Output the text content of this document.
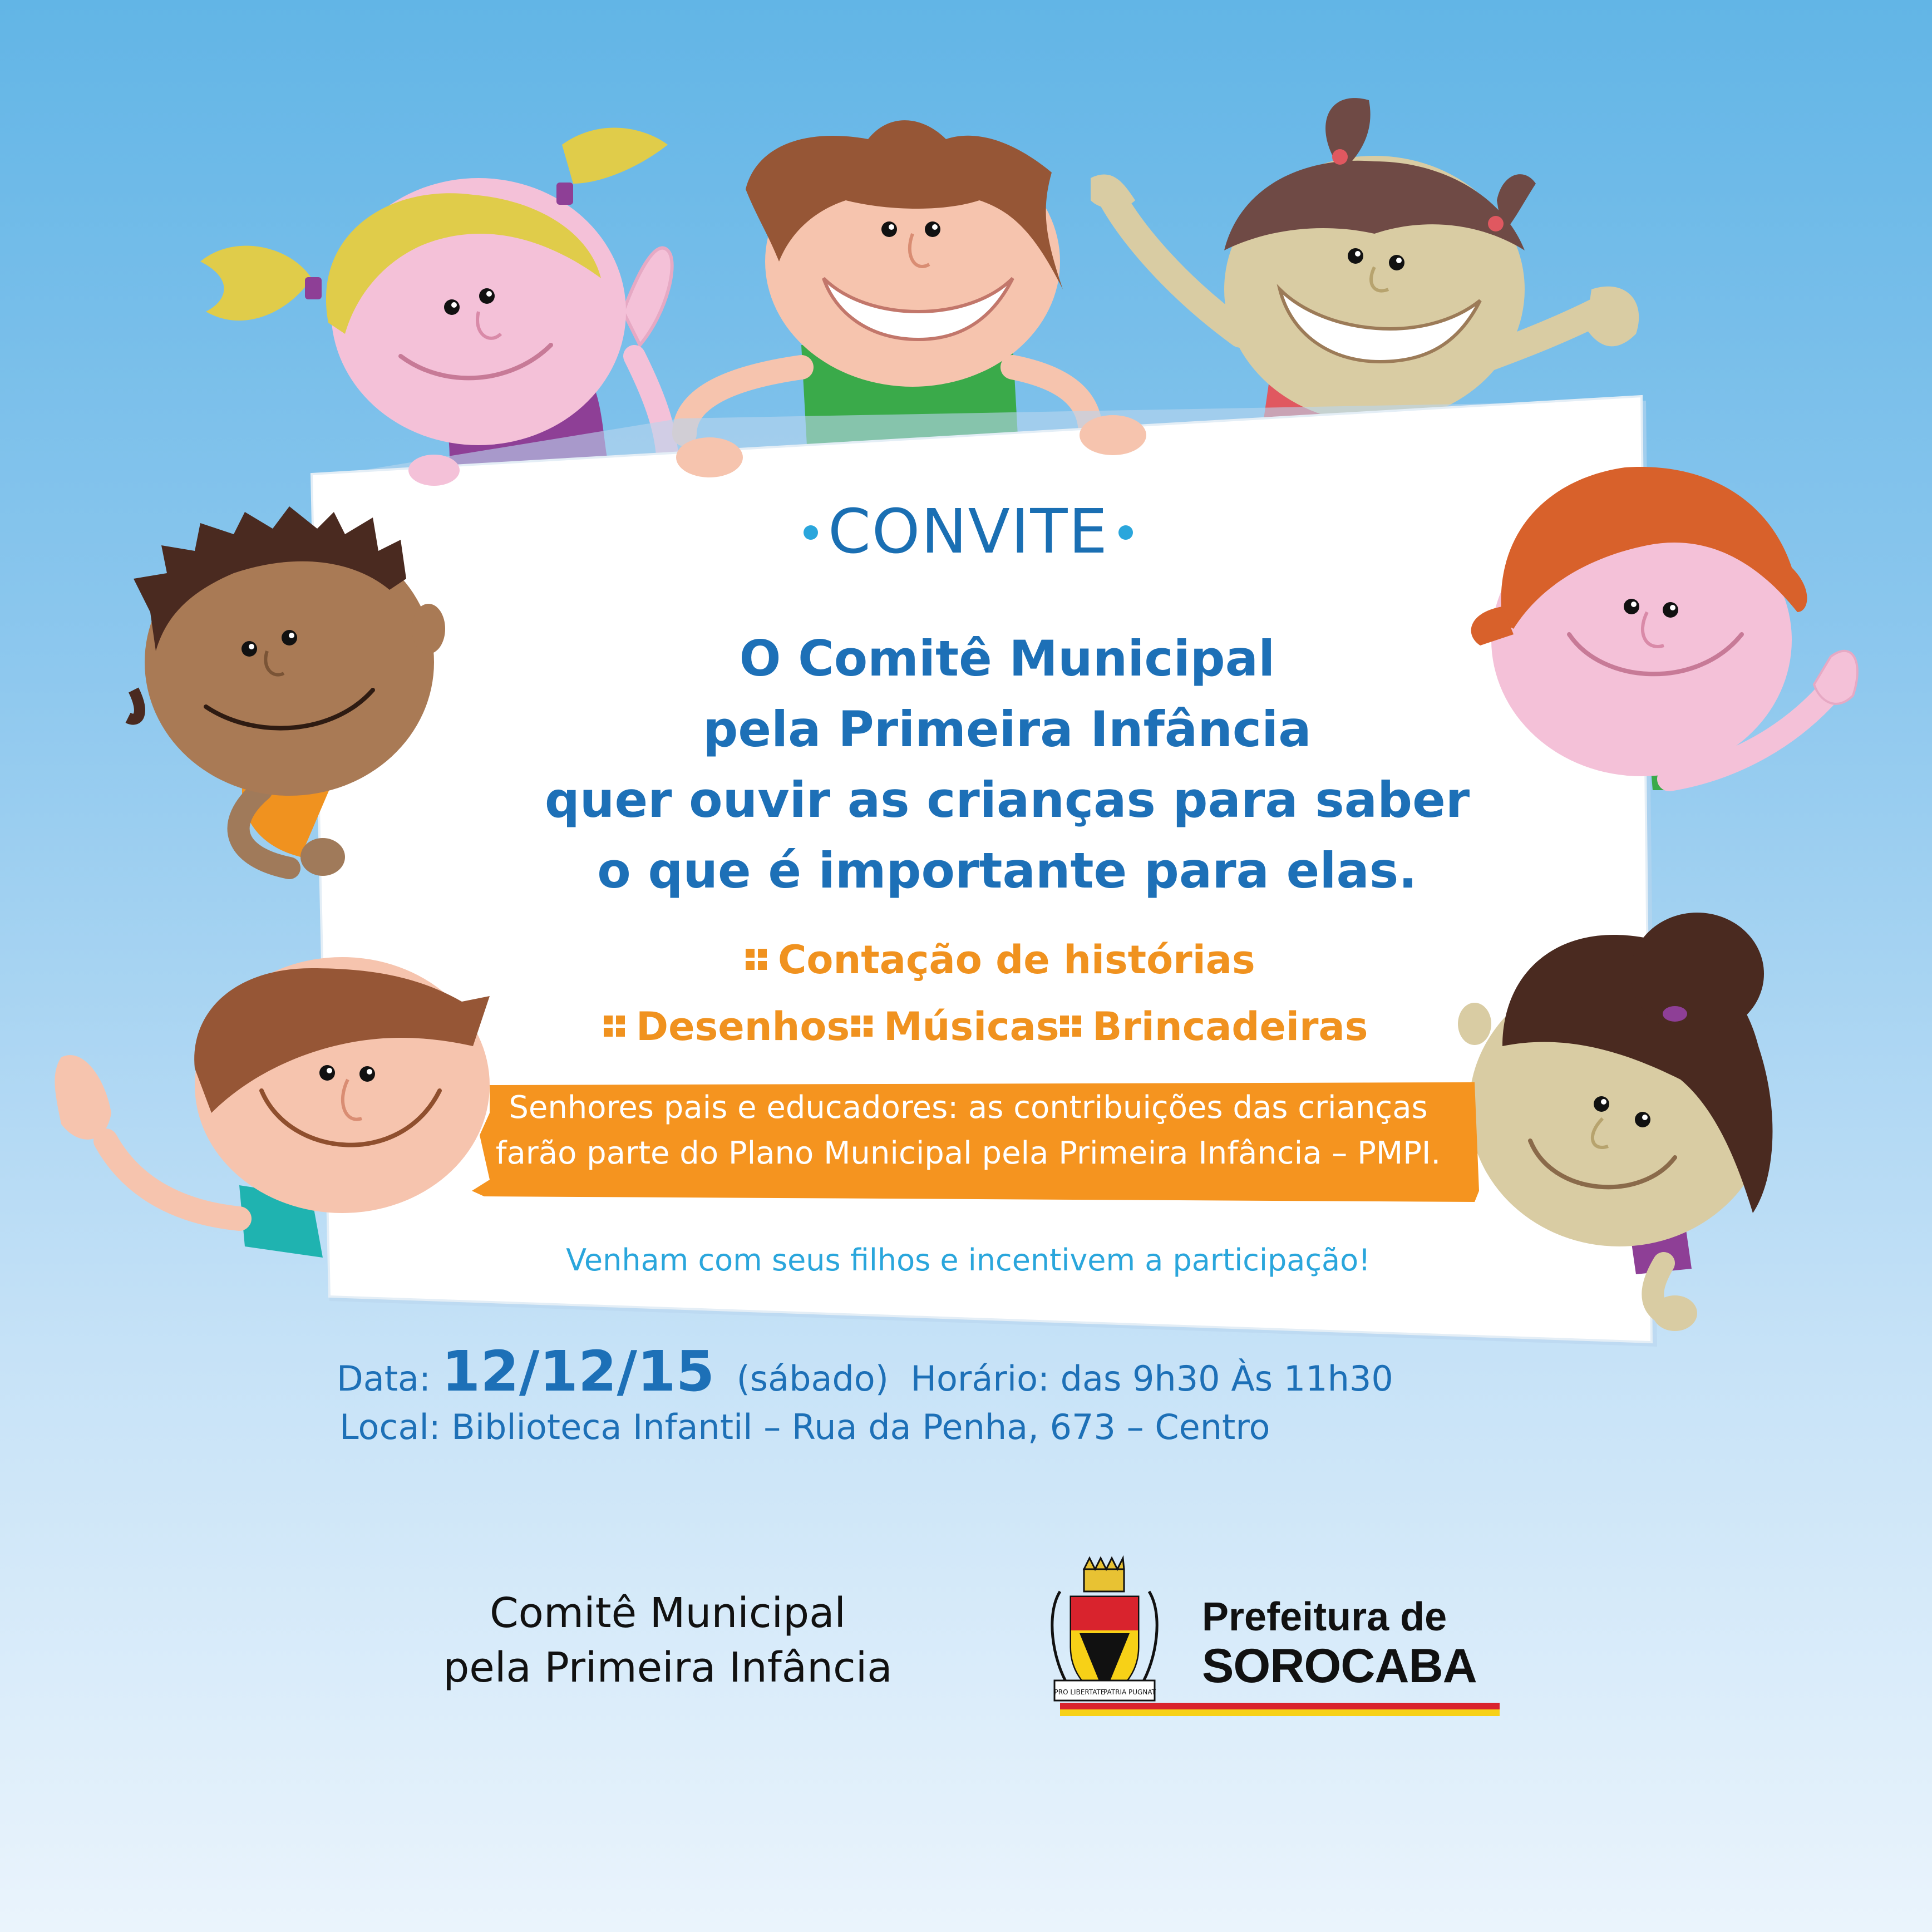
PRO LIBERTATE
PATRIA PUGNAT
CONVITE
O Comitê Municipal
pela Primeira Infância
quer ouvir as crianças para saber
o que é importante para elas.
Contação de histórias
Desenhos Músicas Brincadeiras
Senhores pais e educadores: as contribuições das crianças
farão parte do Plano Municipal pela Primeira Infância – PMPI.
Venham com seus filhos e incentivem a participação!
Data: 12/12/15 (sábado) Horário: das 9h30 Às 11h30
Local: Biblioteca Infantil – Rua da Penha, 673 – Centro
Comitê Municipal
pela Primeira Infância
Prefeitura de
SOROCABA
